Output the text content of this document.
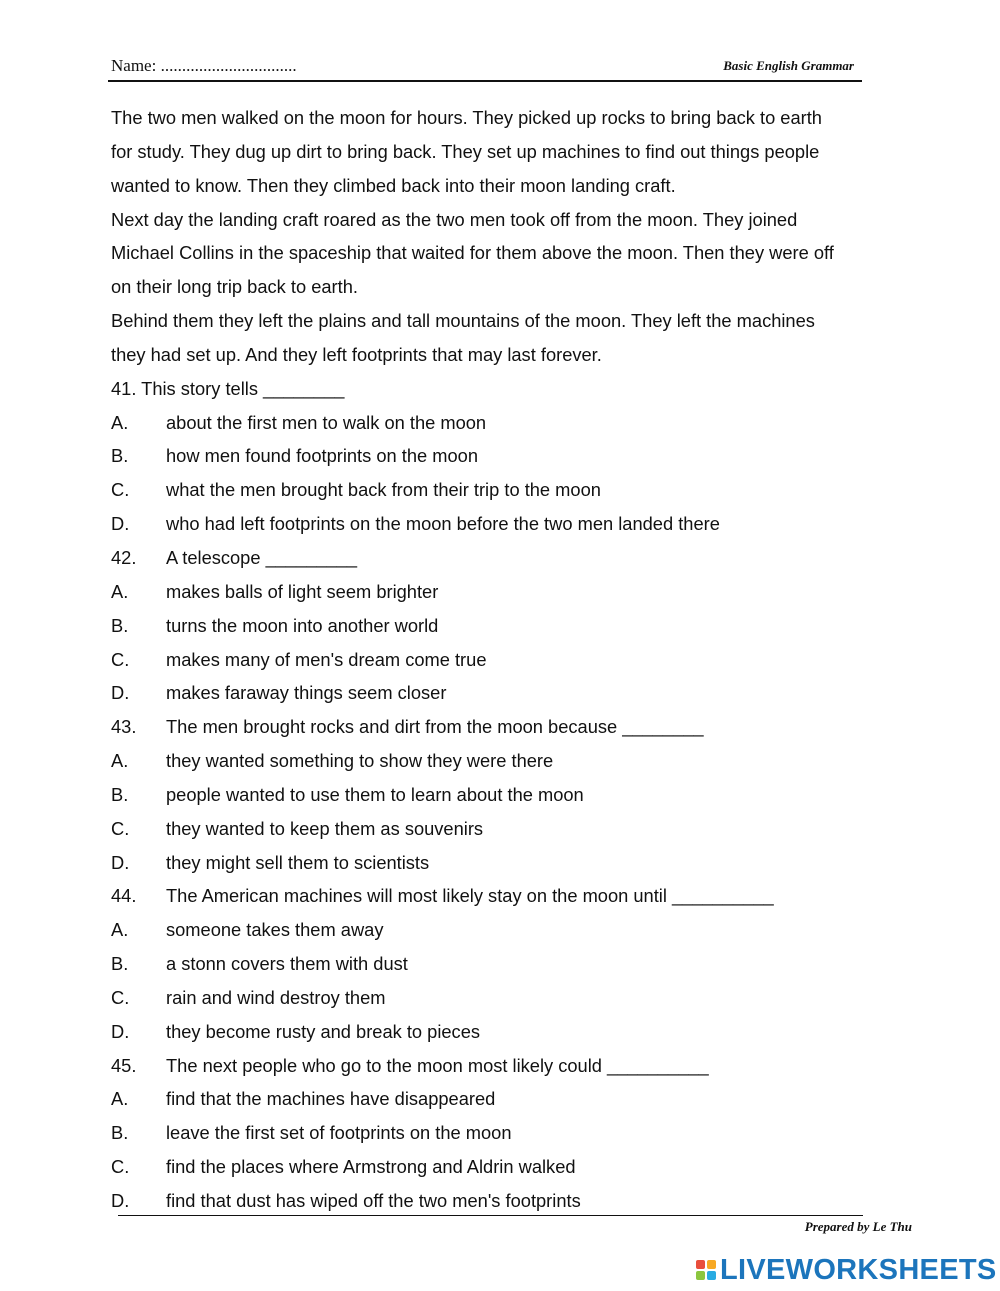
Name: ................................	Basic English Grammar
The two men walked on the moon for hours. They picked up rocks to bring back to earth
for study. They dug up dirt to bring back. They set up machines to find out things people
wanted to know. Then they climbed back into their moon landing craft.
Next day the landing craft roared as the two men took off from the moon. They joined
Michael Collins in the spaceship that waited for them above the moon. Then they were off
on their long trip back to earth.
Behind them they left the plains and tall mountains of the moon. They left the machines
they had set up. And they left footprints that may last forever.
41. This story tells ________
A.	about the first men to walk on the moon
B.	how men found footprints on the moon
C.	what the men brought back from their trip to the moon
D.	who had left footprints on the moon before the two men landed there
42.	A telescope _________
A.	makes balls of light seem brighter
B.	turns the moon into another world
C.	makes many of men's dream come true
D.	makes faraway things seem closer
43.	The men brought rocks and dirt from the moon because ________
A.	they wanted something to show they were there
B.	people wanted to use them to learn about the moon
C.	they wanted to keep them as souvenirs
D.	they might sell them to scientists
44.	The American machines will most likely stay on the moon until __________
A.	someone takes them away
B.	a stonn covers them with dust
C.	rain and wind destroy them
D.	they become rusty and break to pieces
45.	The next people who go to the moon most likely could __________
A.	find that the machines have disappeared
B.	leave the first set of footprints on the moon
C.	find the places where Armstrong and Aldrin walked
D.	find that dust has wiped off the two men's footprints
Prepared by Le Thu
LIVEWORKSHEETS
